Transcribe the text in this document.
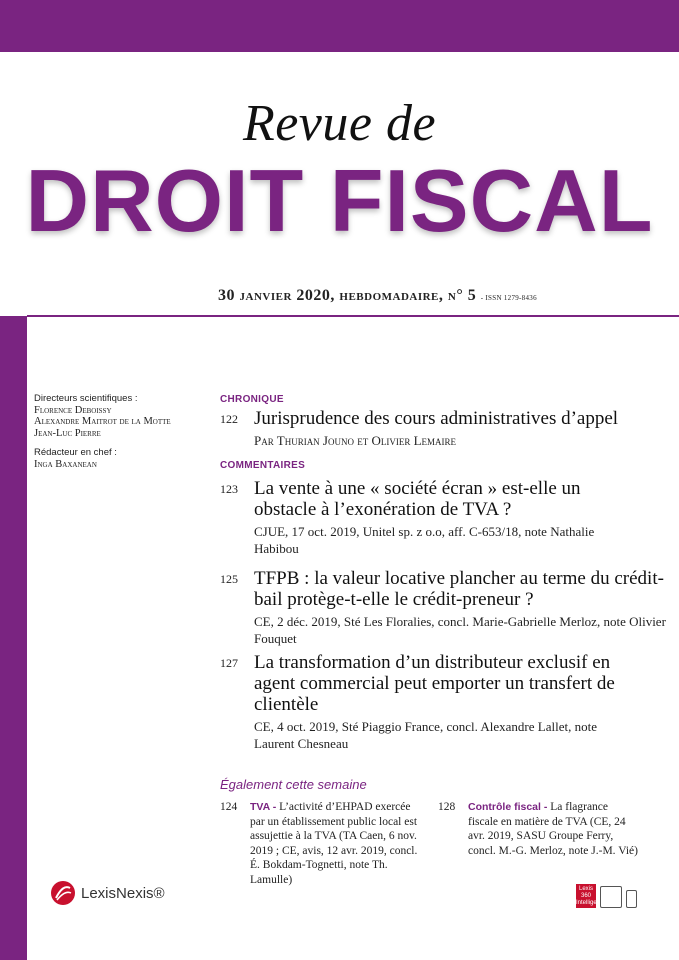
Revue de
DROIT FISCAL
30 janvier 2020, hebdomadaire, n° 5 - ISSN 1279-8436
Directeurs scientifiques :
Florence Deboissy
Alexandre Maitrot de la Motte
Jean-Luc Pierre
Rédacteur en chef :
Inga Baxanean
CHRONIQUE
122 Jurisprudence des cours administratives d’appel
Par Thurian Jouno et Olivier Lemaire
COMMENTAIRES
123 La vente à une « société écran » est-elle un obstacle à l’exonération de TVA ?
CJUE, 17 oct. 2019, Unitel sp. z o.o, aff. C-653/18, note Nathalie Habibou
125 TFPB : la valeur locative plancher au terme du crédit-bail protège-t-elle le crédit-preneur ?
CE, 2 déc. 2019, Sté Les Floralies, concl. Marie-Gabrielle Merloz, note Olivier Fouquet
127 La transformation d’un distributeur exclusif en agent commercial peut emporter un transfert de clientèle
CE, 4 oct. 2019, Sté Piaggio France, concl. Alexandre Lallet, note Laurent Chesneau
Également cette semaine
124 TVA - L’activité d’EHPAD exercée par un établissement public local est assujettie à la TVA (TA Caen, 6 nov. 2019 ; CE, avis, 12 avr. 2019, concl. É. Bokdam-Tognetti, note Th. Lamulle)
128 Contrôle fiscal - La flagrance fiscale en matière de TVA (CE, 24 avr. 2019, SASU Groupe Ferry, concl. M.-G. Merloz, note J.-M. Vié)
LexisNexis®	Lexis 360 Intelligence
